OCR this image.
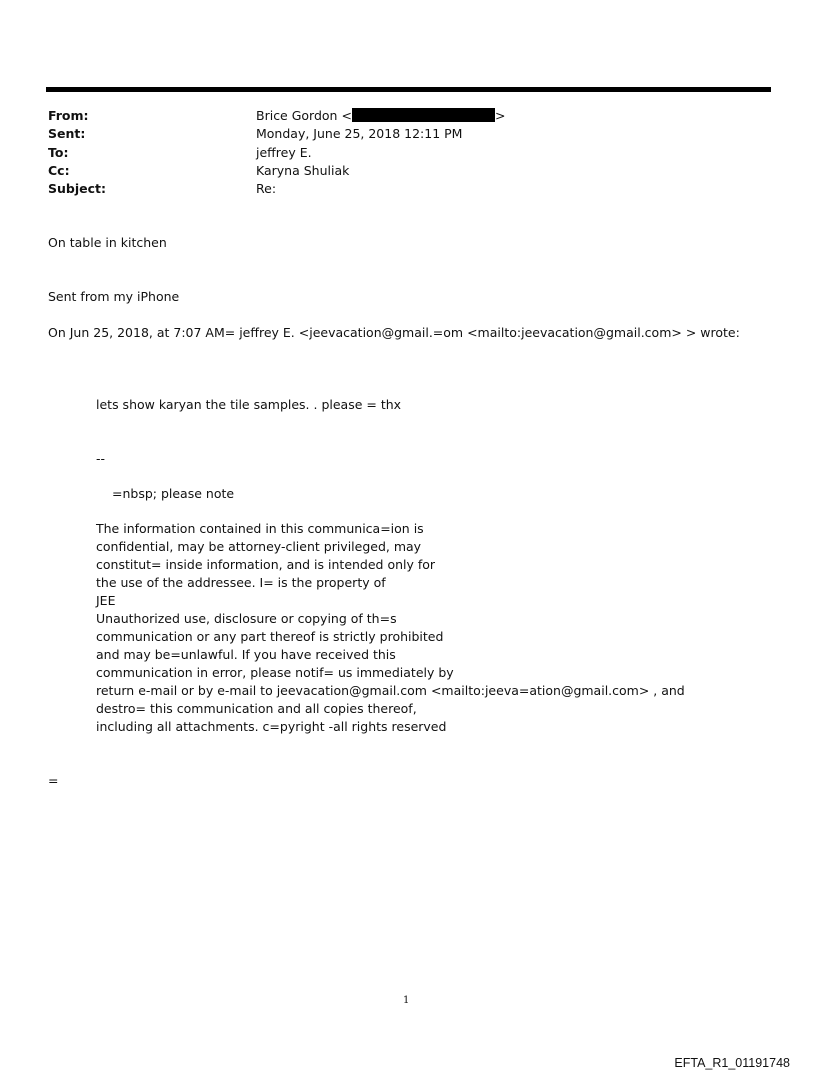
From:	Brice Gordon <	>
Sent:	Monday, June 25, 2018 12:11 PM
To:	jeffrey E.
Cc:	Karyna Shuliak
Subject:	Re:
On table in kitchen
Sent from my iPhone
On Jun 25, 2018, at 7:07 AM= jeffrey E. <jeevacation@gmail.=om <mailto:jeevacation@gmail.com> > wrote:
lets show karyan the tile samples. . please = thx
--
=nbsp; please note
The information contained in this communica=ion is
confidential, may be attorney-client privileged, may
constitut= inside information, and is intended only for
the use of the addressee. I= is the property of
JEE
Unauthorized use, disclosure or copying of th=s
communication or any part thereof is strictly prohibited
and may be=unlawful. If you have received this
communication in error, please notif= us immediately by
return e-mail or by e-mail to jeevacation@gmail.com <mailto:jeeva=ation@gmail.com> , and
destro= this communication and all copies thereof,
including all attachments. c=pyright -all rights reserved
=
1
EFTA_R1_01191748
